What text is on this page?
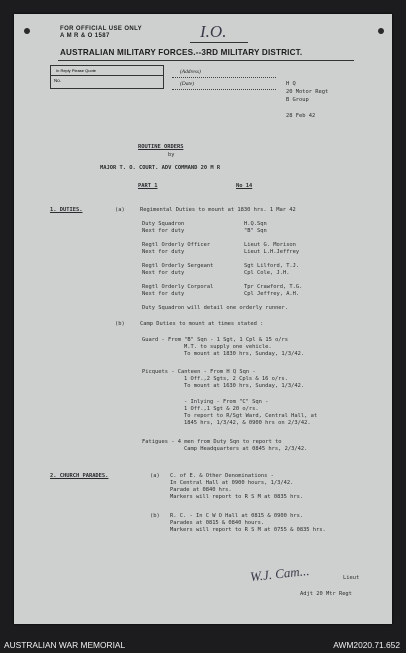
FOR OFFICIAL USE ONLY
A M R & O 1587	I.O.
AUSTRALIAN MILITARY FORCES.--3RD MILITARY DISTRICT.
In Reply Please Quote
No.
(Address)
(Date)	H Q
20 Motor Regt
B Group
28 Feb 42
ROUTINE ORDERS
by
MAJOR T. O. COURT. ADV COMMAND 20 M R
PART 1	No 14
1. DUTIES.	(a)	Regimental Duties to mount at 1830 hrs. 1 Mar 42
Duty Squadron	H.Q.Sqn
Next for duty	"B" Sqn
Regtl Orderly Officer	Lieut G. Morison
Next for duty	Lieut L.H.Jeffrey
Regtl Orderly Sergeant	Sgt Lilford, T.J.
Next for duty	Cpl Cole, J.H.
Regtl Orderly Corporal	Tpr Crawford, T.G.
Next for duty	Cpl Jeffrey, A.H.
Duty Squadron will detail one orderly runner.
(b)	Camp Duties to mount at times stated :
Guard - From "B" Sqn - 1 Sgt, 1 Cpl & 15 o/rs
M.T. to supply one vehicle.
To mount at 1830 hrs, Sunday, 1/3/42.
Picquets - Canteen - From H Q Sqn -
1 Off.,2 Sgts, 2 Cpls & 16 o/rs.
To mount at 1630 hrs, Sunday, 1/3/42.
- Inlying - From "C" Sqn -
1 Off.,1 Sgt & 20 o/rs.
To report to R/Sgt Ward, Central Hall, at
1845 hrs, 1/3/42, & 0900 hrs on 2/3/42.
Fatigues - 4 men from Duty Sqn to report to
Camp Headquarters at 0845 hrs, 2/3/42.
2. CHURCH PARADES.	(a) C. of E. & Other Denominations -
In Central Hall at 0900 hours, 1/3/42.
Parade at 0840 hrs.
Markers will report to R S M at 0835 hrs.
(b) R. C. - In C W O Hall at 0815 & 0900 hrs.
Parades at 0815 & 0840 hours.
Markers will report to R S M at 0755 & 0835 hrs.
W.J. Cam...	Lieut
Adjt 20 Mtr Regt
AUSTRALIAN WAR MEMORIAL	AWM2020.71.652
